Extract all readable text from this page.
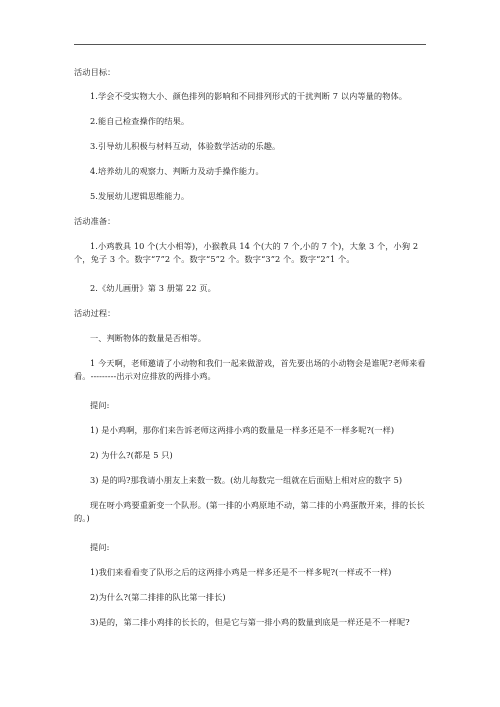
活动目标：
1.学会不受实物大小、颜色排列的影响和不同排列形式的干扰判断 7 以内等量的物体。
2.能自己检查操作的结果。
3.引导幼儿积极与材料互动，体验数学活动的乐趣。
4.培养幼儿的观察力、判断力及动手操作能力。
5.发展幼儿逻辑思维能力。
活动准备：
1.小鸡教具 10 个(大小相等)，小猴教具 14 个(大的 7 个,小的 7 个)，大象 3 个，小狗 2 个，兔子 3 个。数字“7”2 个。数字“5”2 个。数字“3”2 个。数字“2”1 个。
2.《幼儿画册》第 3 册第 22 页。
活动过程：
一、判断物体的数量是否相等。
1 今天啊，老师邀请了小动物和我们一起来做游戏，首先要出场的小动物会是谁呢?老师来看看。---------出示对应排放的两排小鸡。
提问:
1) 是小鸡啊，那你们来告诉老师这两排小鸡的数量是一样多还是不一样多呢?(一样)
2) 为什么?(都是 5 只)
3) 是的吗?那我请小朋友上来数一数。(幼儿每数完一组就在后面贴上相对应的数字 5)
现在呀小鸡要重新变一个队形。(第一排的小鸡原地不动，第二排的小鸡蛋散开来，排的长长的。)
提问:
1)我们来看看变了队形之后的这两排小鸡是一样多还是不一样多呢?(一样或不一样)
2)为什么?(第二排排的队比第一排长)
3)是的，第二排小鸡排的长长的，但是它与第一排小鸡的数量到底是一样还是不一样呢?
